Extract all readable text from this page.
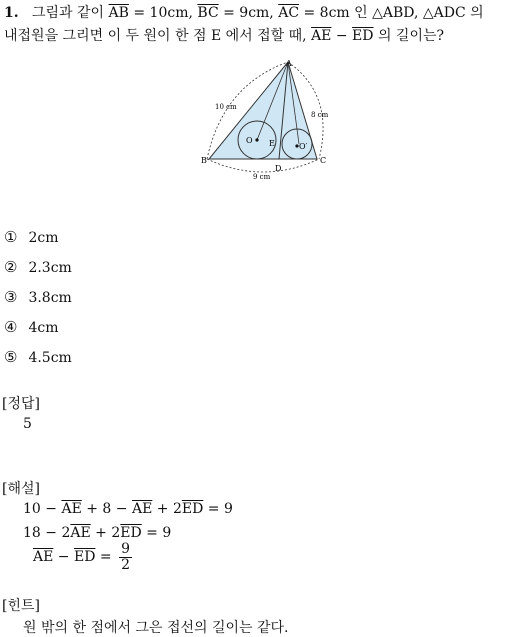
1. 그림과 같이 $\overline{AB} = 10cm$, $\overline{BC} = 9cm$, $\overline{AC} = 8cm$ 인 △ABD, △ADC 의
내접원을 그리면 이 두 원이 한 점 E 에서 접할 때, $\overline{AE} - \overline{ED}$ 의 길이는?
A
B	C
D
E
O
O′
10 cm
8 cm
9 cm
① 2cm
② 2.3cm
③ 3.8cm
④ 4cm
⑤ 4.5cm
[정답]
5
[해설]
$10 - \overline{AE} + 8 - \overline{AE} + 2\overline{ED} = 9$
$18 - 2\overline{AE} + 2\overline{ED} = 9$
$\overline{AE} - \overline{ED} = \frac{9}{2}$
[힌트]
원 밖의 한 점에서 그은 접선의 길이는 같다.
